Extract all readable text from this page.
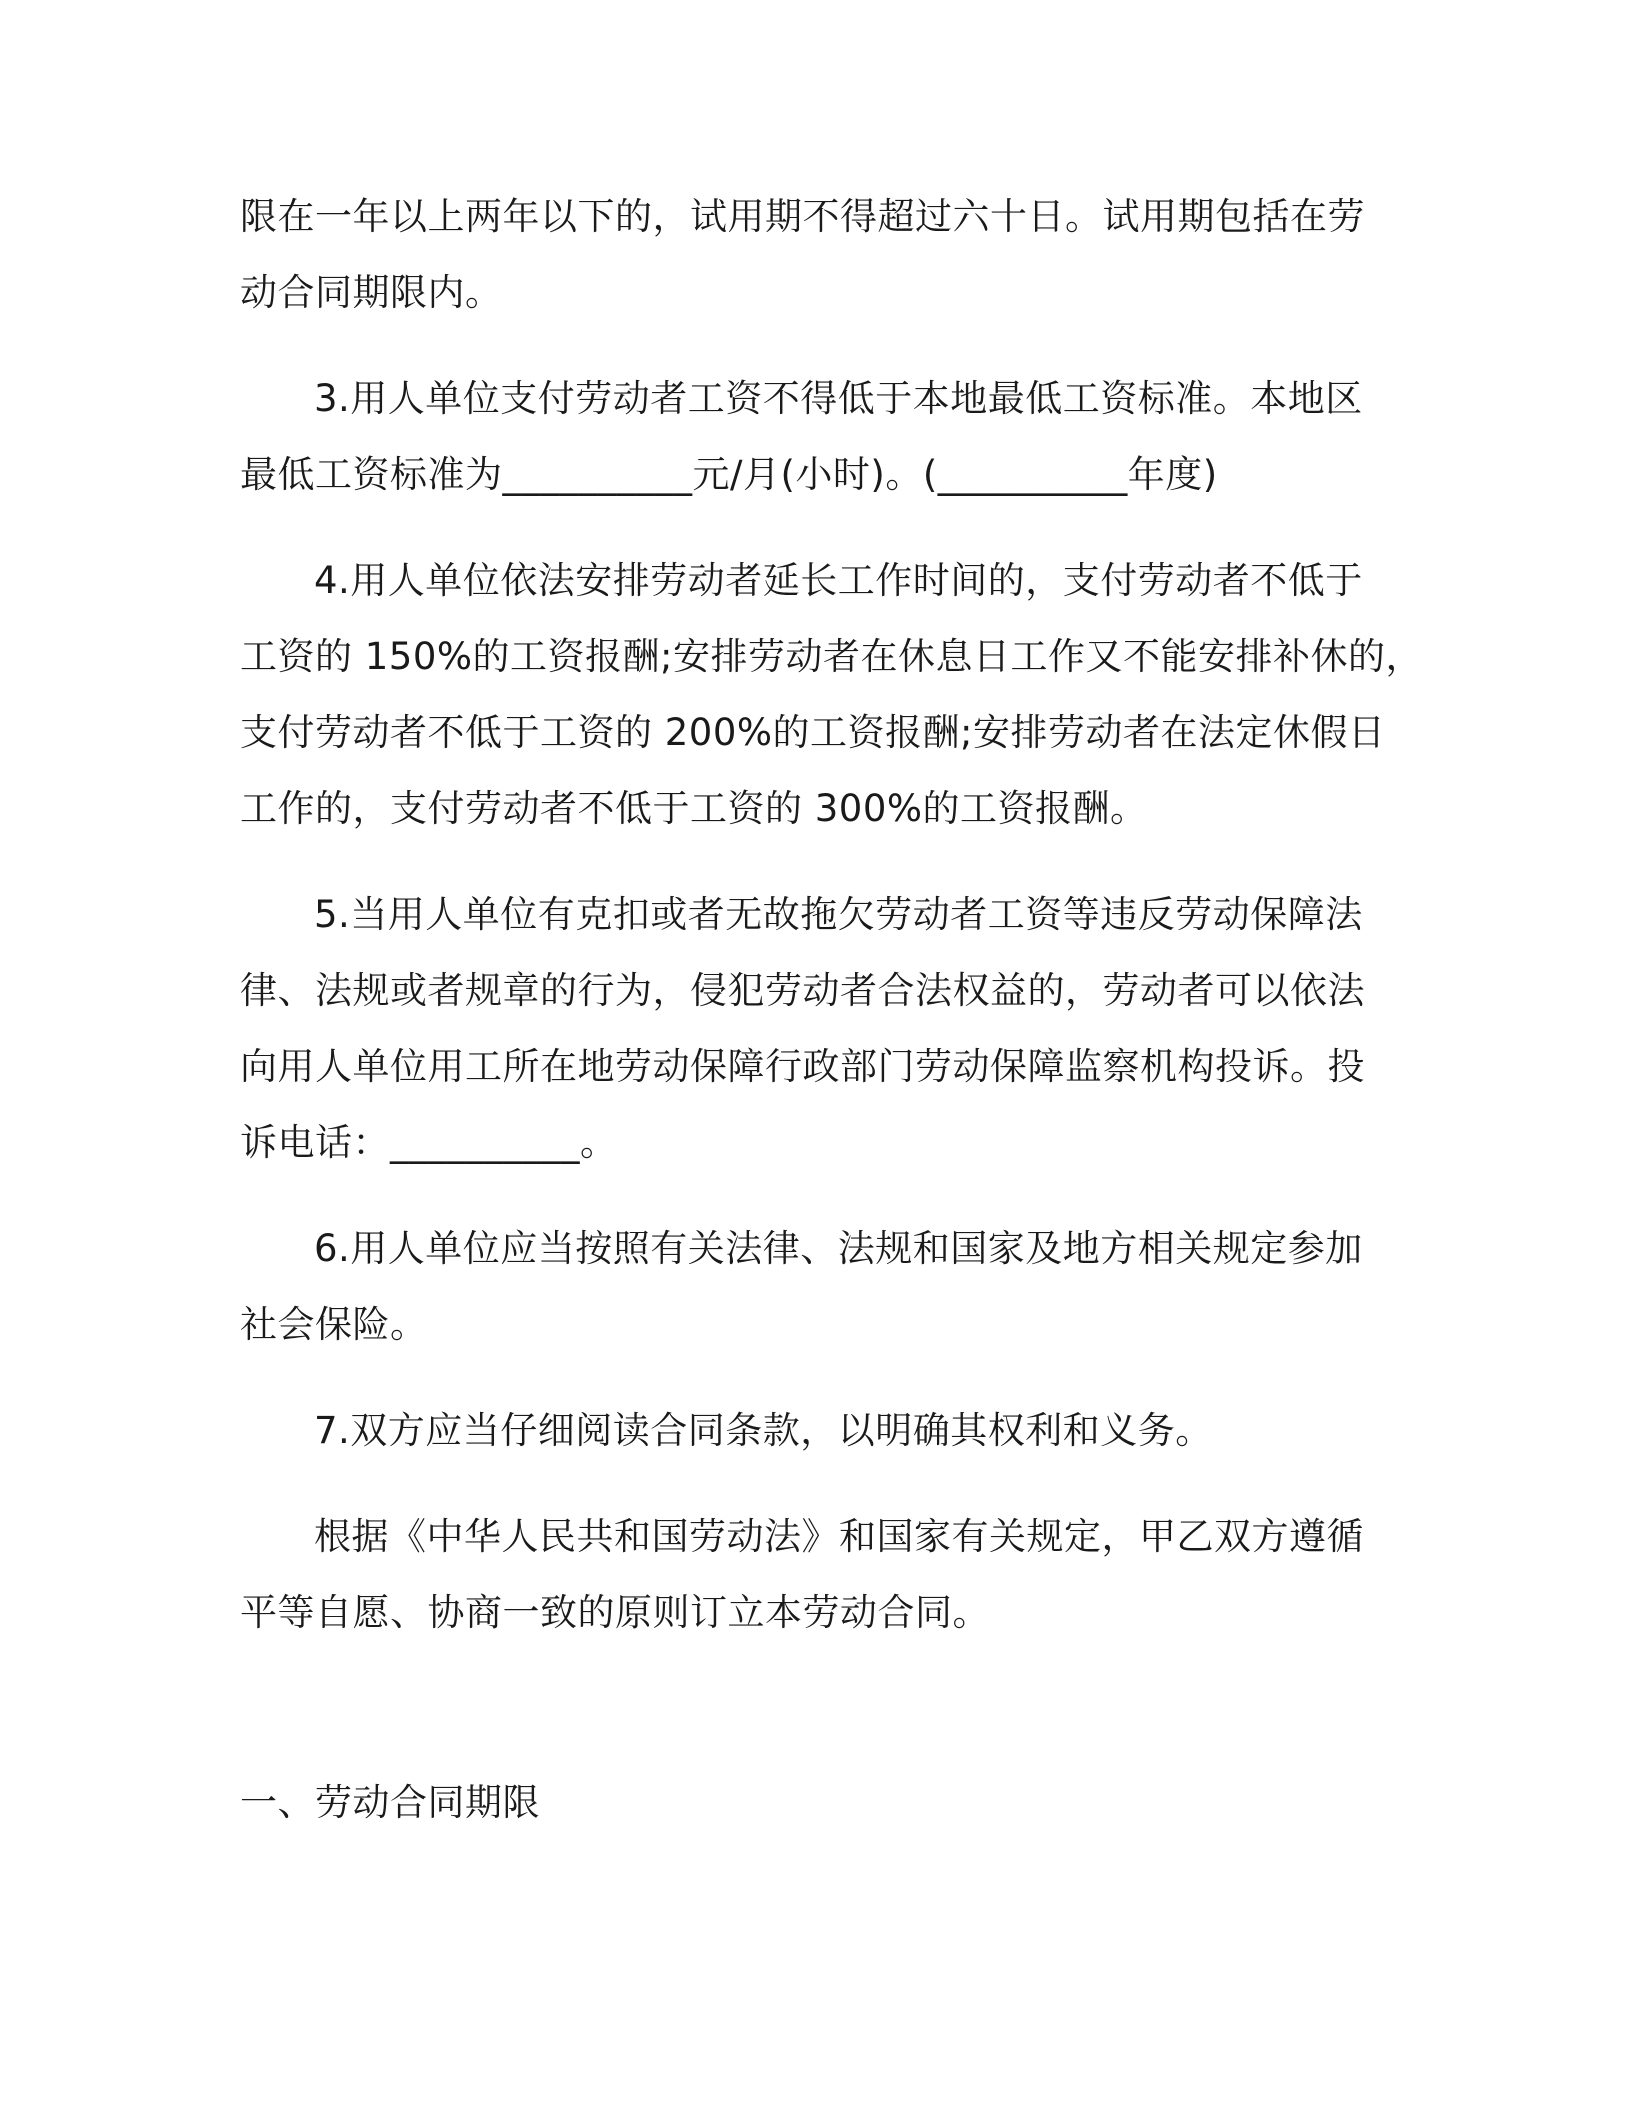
限在一年以上两年以下的，试用期不得超过六十日。试用期包括在劳
动合同期限内。
3.用人单位支付劳动者工资不得低于本地最低工资标准。本地区
最低工资标准为__________元/月(小时)。(__________年度)
4.用人单位依法安排劳动者延长工作时间的，支付劳动者不低于
工资的 150%的工资报酬;安排劳动者在休息日工作又不能安排补休的，
支付劳动者不低于工资的 200%的工资报酬;安排劳动者在法定休假日
工作的，支付劳动者不低于工资的 300%的工资报酬。
5.当用人单位有克扣或者无故拖欠劳动者工资等违反劳动保障法
律、法规或者规章的行为，侵犯劳动者合法权益的，劳动者可以依法
向用人单位用工所在地劳动保障行政部门劳动保障监察机构投诉。投
诉电话：__________。
6.用人单位应当按照有关法律、法规和国家及地方相关规定参加
社会保险。
7.双方应当仔细阅读合同条款，以明确其权利和义务。
根据《中华人民共和国劳动法》和国家有关规定，甲乙双方遵循
平等自愿、协商一致的原则订立本劳动合同。
一、劳动合同期限
